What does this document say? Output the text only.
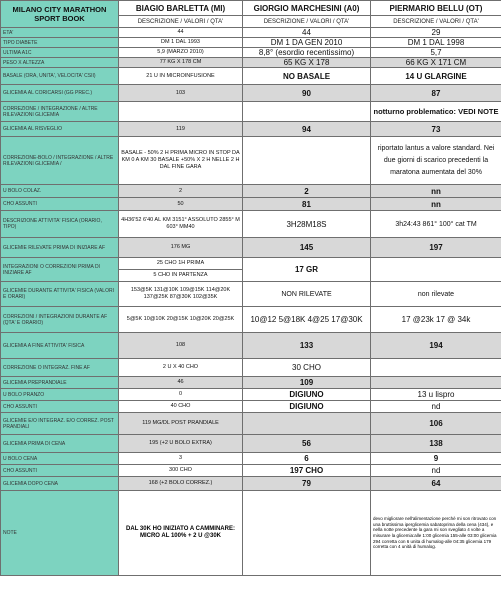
MILANO CITY MARATHON
SPORT BOOK	BIAGIO BARLETTA (MI)	GIORGIO MARCHESINI (A0)	PIERMARIO BELLU (OT)
	DESCRIZIONE / VALORI / QTA'	DESCRIZIONE / VALORI / QTA'	DESCRIZIONE / VALORI / QTA'
ETA'	44	44	29
TIPO DIABETE	DM 1 DAL 1993	DM 1 DA GEN 2010	DM 1 DAL 1998
ULTIMA A1C	5,9 (MARZO 2010)	8,8° (esordio recentissimo)	5,7
PESO X ALTEZZA	77 KG X 178 CM	65 KG X 178	66 KG X 171 CM
BASALE (ORA, UNITA', VELOCITA' CSII)	21 U IN MICROINFUSIONE	NO BASALE	14 U GLARGINE
GLICEMIA AL CORICARSI (GG PREC.)	103	90	87
CORREZIONE / INTEGRAZIONE / ALTRE RILEVAZIONI GLICEMIA			notturno problematico: VEDI NOTE
GLICEMIA AL RISVEGLIO	119	94	73
CORREZIONE-BOLO / INTEGRAZIONE / ALTRE RILEVAZIONI GLICEMIA /	BASALE - 50% 2 H PRIMA MICRO IN STOP DA KM 0 A KM 30 BASALE +50% X 2 H NELLE 2 H DAL FINE GARA		riportato lantus a valore standard. Nei due giorni di scarico precedenti la maratona aumentata del 30%
U BOLO COLAZ.	2	2	nn
CHO ASSUNTI	50	81	nn
DESCRIZIONE ATTIVITA' FISICA (ORARIO, TIPO)	4H36'52 6'40 AL KM 3151° ASSOLUTO 2855° M 603° MM40	3H28M18S	3h24:43 861° 100° cat TM
GLICEMIE RILEVATE PRIMA DI INIZIARE AF	176 MG	145	197
INTEGRAZIONI O CORREZIONI PRIMA DI INIZIARE AF	25 CHO 1H PRIMA	17 GR	
	5 CHO IN PARTENZA		
GLICEMIE DURANTE ATTIVITA' FISICA (VALORI E ORARI)	153@5K 131@10K 109@15K 114@20K 137@25K 87@30K 102@35K	NON RILEVATE	non rilevate
CORREZIONI / INTEGRAZIONI DURANTE AF (QTA' E ORARIO)	5@5K 10@10K 20@15K 10@20K 20@25K	10@12 5@18K 4@25 17@30K	17 @23k 17 @ 34k
GLICEMIA A FINE ATTIVITA' FISICA	108	133	194
CORREZIONE O INTEGRAZ. FINE AF	2 U X 40 CHO	30 CHO	
GLICEMIA PREPRANDIALE	46	109	
U BOLO PRANZO	0	DIGIUNO	13 u lispro
CHO ASSUNTI	40 CHO	DIGIUNO	nd
GLICEMIE E/O INTEGRAZ. E/O CORREZ. POST PRANDIALI	119 MG/DL POST PRANDIALE		106
GLICEMIA PRIMA DI CENA	195 (+2 U BOLO EXTRA)	56	138
U BOLO CENA	3	6	9
CHO ASSUNTI	300 CHO	197 CHO	nd
GLICEMIA DOPO CENA	168 (+2 BOLO CORREZ.)	79	64
NOTE	DAL 30K HO INIZIATO A CAMMINARE: MICRO AL 100% + 2 U @30K		devo migliorare nell'alimentazione perchè mi son ritrovato con una bruttissima iperglicemia sabatoprima della cena (434), e nella notte precedente la gara mi son svegliato 4 volte a misurare la glicemia:alle 1:00 glicemia 155-alle 03:00 glicemia 294 corretta con 6 unita di humalog-alle 04:35 glicemia 179 corretta con 4 unità di humalog.
